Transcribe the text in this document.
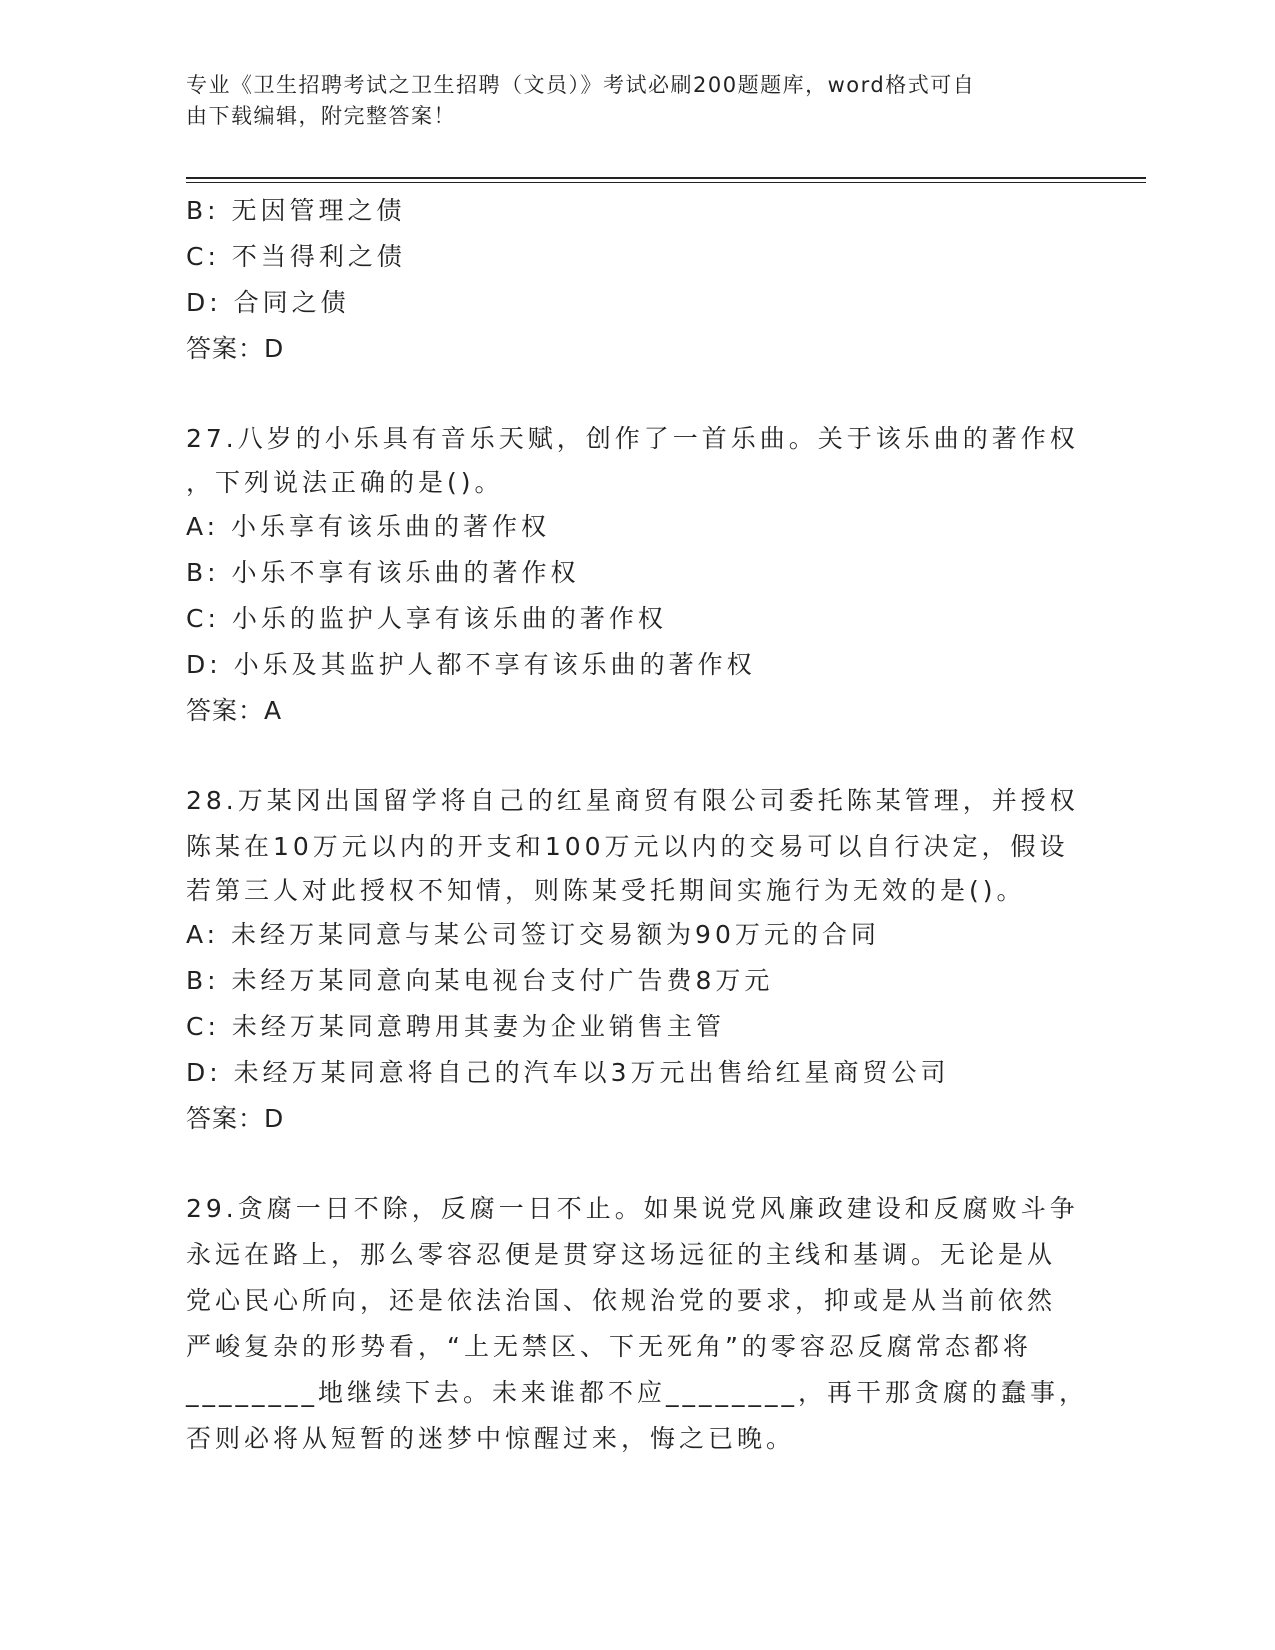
专业《卫生招聘考试之卫生招聘（文员）》考试必刷200题题库，word格式可自
由下载编辑，附完整答案！
B: 无因管理之债
C: 不当得利之债
D: 合同之债
答案：D
27.八岁的小乐具有音乐天赋，创作了一首乐曲。关于该乐曲的著作权
，下列说法正确的是()。
A: 小乐享有该乐曲的著作权
B: 小乐不享有该乐曲的著作权
C: 小乐的监护人享有该乐曲的著作权
D: 小乐及其监护人都不享有该乐曲的著作权
答案：A
28.万某冈出国留学将自己的红星商贸有限公司委托陈某管理，并授权
陈某在10万元以内的开支和100万元以内的交易可以自行决定，假设
若第三人对此授权不知情，则陈某受托期间实施行为无效的是()。
A: 未经万某同意与某公司签订交易额为90万元的合同
B: 未经万某同意向某电视台支付广告费8万元
C: 未经万某同意聘用其妻为企业销售主管
D: 未经万某同意将自己的汽车以3万元出售给红星商贸公司
答案：D
29.贪腐一日不除，反腐一日不止。如果说党风廉政建设和反腐败斗争
永远在路上，那么零容忍便是贯穿这场远征的主线和基调。无论是从
党心民心所向，还是依法治国、依规治党的要求，抑或是从当前依然
严峻复杂的形势看，“上无禁区、下无死角”的零容忍反腐常态都将
________地继续下去。未来谁都不应________，再干那贪腐的蠢事，
否则必将从短暂的迷梦中惊醒过来，悔之已晚。
